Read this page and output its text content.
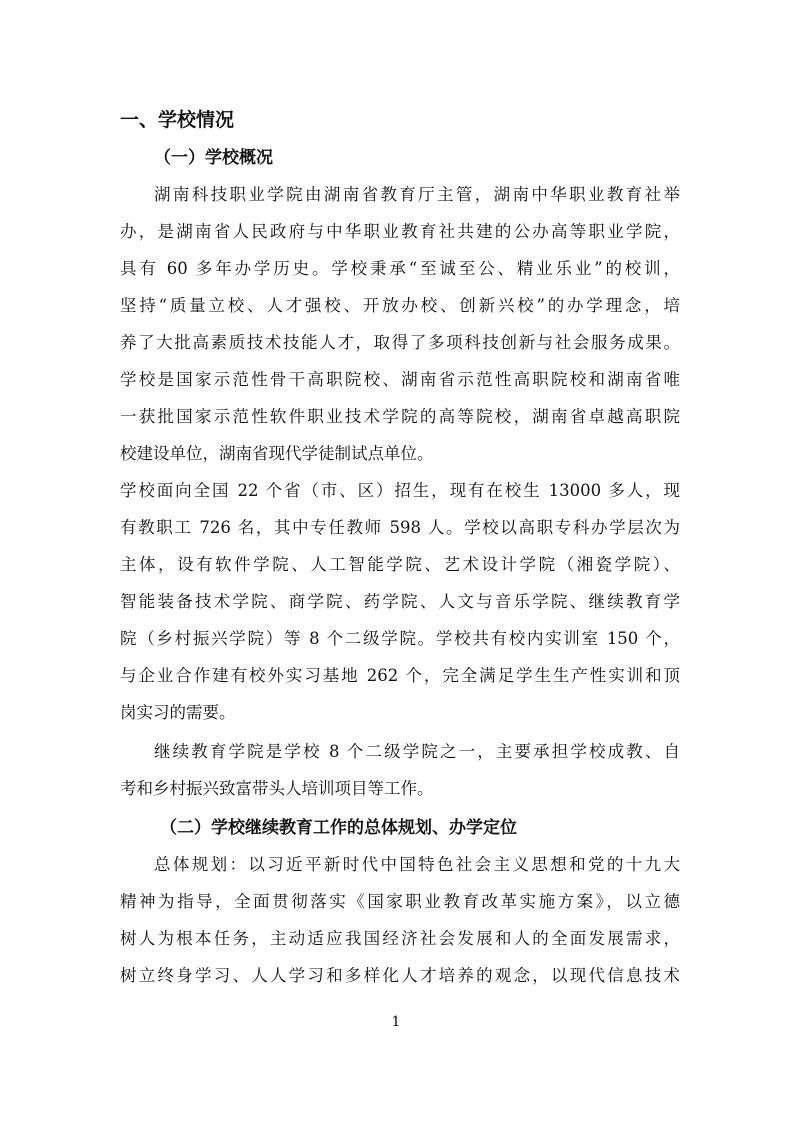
一、学校情况
（一）学校概况
湖南科技职业学院由湖南省教育厅主管，湖南中华职业教育社举
办，是湖南省人民政府与中华职业教育社共建的公办高等职业学院，
具有 60 多年办学历史。学校秉承“至诚至公、精业乐业”的校训，
坚持“质量立校、人才强校、开放办校、创新兴校”的办学理念，培
养了大批高素质技术技能人才，取得了多项科技创新与社会服务成果。
学校是国家示范性骨干高职院校、湖南省示范性高职院校和湖南省唯
一获批国家示范性软件职业技术学院的高等院校，湖南省卓越高职院
校建设单位，湖南省现代学徒制试点单位。
学校面向全国 22 个省（市、区）招生，现有在校生 13000 多人，现
有教职工 726 名，其中专任教师 598 人。学校以高职专科办学层次为
主体，设有软件学院、人工智能学院、艺术设计学院（湘瓷学院）、
智能装备技术学院、商学院、药学院、人文与音乐学院、继续教育学
院（乡村振兴学院）等 8 个二级学院。学校共有校内实训室 150 个，
与企业合作建有校外实习基地 262 个，完全满足学生生产性实训和顶
岗实习的需要。
继续教育学院是学校 8 个二级学院之一，主要承担学校成教、自
考和乡村振兴致富带头人培训项目等工作。
（二）学校继续教育工作的总体规划、办学定位
总体规划：以习近平新时代中国特色社会主义思想和党的十九大
精神为指导，全面贯彻落实《国家职业教育改革实施方案》，以立德
树人为根本任务，主动适应我国经济社会发展和人的全面发展需求，
树立终身学习、人人学习和多样化人才培养的观念，以现代信息技术
1
